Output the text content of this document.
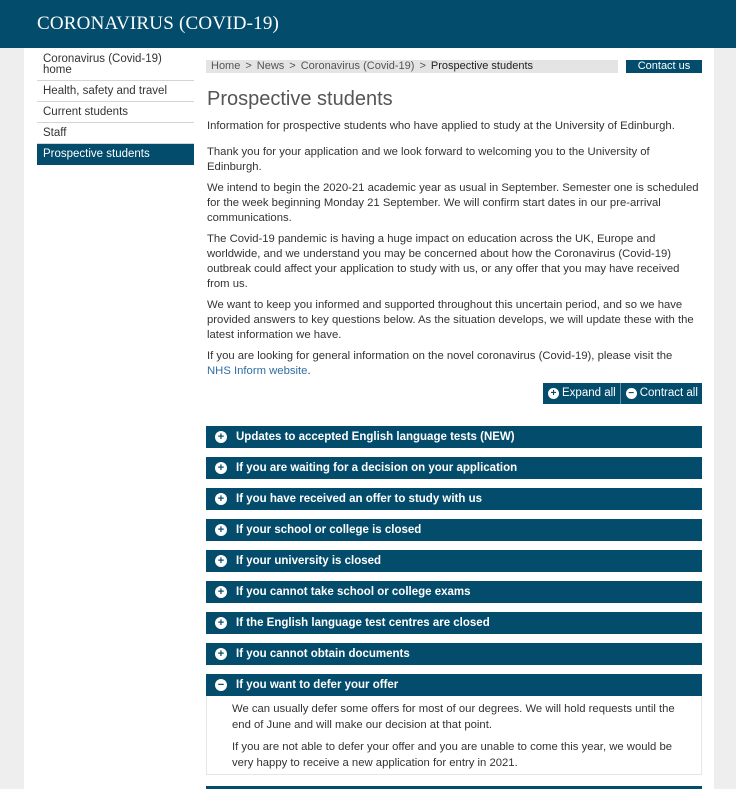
CORONAVIRUS (COVID-19)
Coronavirus (Covid-19) home
Health, safety and travel
Current students
Staff
Prospective students
Home > News > Coronavirus (Covid-19) > Prospective students	Contact us
Prospective students

Information for prospective students who have applied to study at the University of Edinburgh.

Thank you for your application and we look forward to welcoming you to the University of Edinburgh.

We intend to begin the 2020-21 academic year as usual in September. Semester one is scheduled for the week beginning Monday 21 September. We will confirm start dates in our pre-arrival communications.

The Covid-19 pandemic is having a huge impact on education across the UK, Europe and worldwide, and we understand you may be concerned about how the Coronavirus (Covid-19) outbreak could affect your application to study with us, or any offer that you may have received from us.

We want to keep you informed and supported throughout this uncertain period, and so we have provided answers to key questions below. As the situation develops, we will update these with the latest information we have.

If you are looking for general information on the novel coronavirus (Covid-19), please visit the NHS Inform website.

+ Expand all − Contract all
+ Updates to accepted English language tests (NEW)
+ If you are waiting for a decision on your application
+ If you have received an offer to study with us
+ If your school or college is closed
+ If your university is closed
+ If you cannot take school or college exams
+ If the English language test centres are closed
+ If you cannot obtain documents
− If you want to defer your offer

We can usually defer some offers for most of our degrees. We will hold requests until the end of June and will make our decision at that point.

If you are not able to defer your offer and you are unable to come this year, we would be very happy to receive a new application for entry in 2021.
